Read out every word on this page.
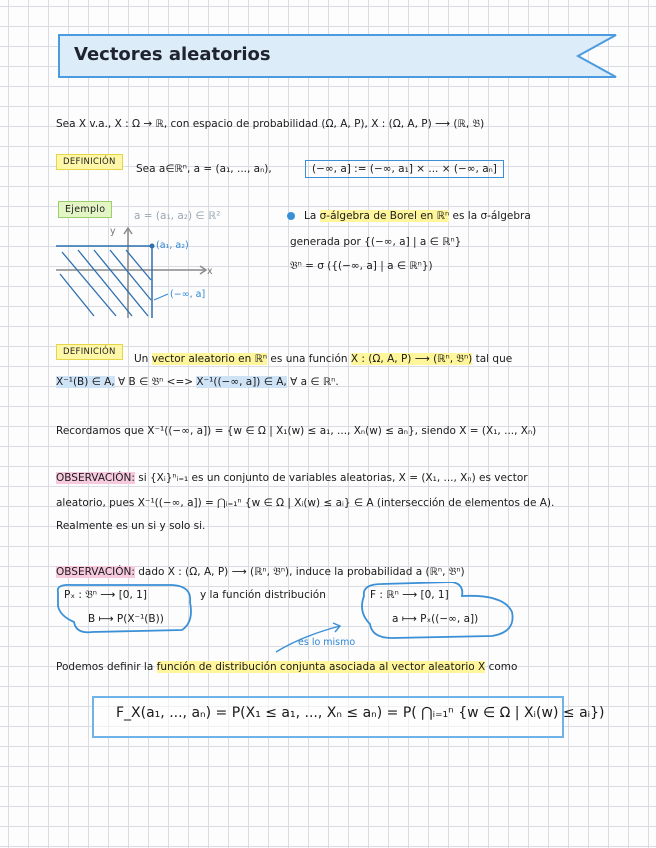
Vectores aleatorios
Sea X v.a., X : Ω → ℝ, con espacio de probabilidad (Ω, A, P), X : (Ω, A, P) ⟶ (ℝ, 𝔅)
DEFINICIÓN
Sea a∈ℝⁿ, a = (a₁, ..., aₙ),	(−∞, a] := (−∞, a₁] × ... × (−∞, aₙ]
Ejemplo
a = (a₁, a₂) ∈ ℝ²
y
x
(a₁, a₂)
(−∞, a]
La σ-álgebra de Borel en ℝⁿ es la σ-álgebra
generada por {(−∞, a] | a ∈ ℝⁿ}
𝔅ⁿ = σ ({(−∞, a] | a ∈ ℝⁿ})
DEFINICIÓN
Un vector aleatorio en ℝⁿ es una función X : (Ω, A, P) ⟶ (ℝⁿ, 𝔅ⁿ) tal que
X⁻¹(B) ∈ A, ∀ B ∈ 𝔅ⁿ <=> X⁻¹((−∞, a]) ∈ A, ∀ a ∈ ℝⁿ.
Recordamos que X⁻¹((−∞, a]) = {w ∈ Ω | X₁(w) ≤ a₁, ..., Xₙ(w) ≤ aₙ}, siendo X = (X₁, ..., Xₙ)
OBSERVACIÓN: si {Xᵢ}ⁿᵢ₌₁ es un conjunto de variables aleatorias, X = (X₁, ..., Xₙ) es vector
aleatorio, pues X⁻¹((−∞, a]) = ⋂ᵢ₌₁ⁿ {w ∈ Ω | Xᵢ(w) ≤ aᵢ} ∈ A (intersección de elementos de A).
Realmente es un si y solo si.
OBSERVACIÓN: dado X : (Ω, A, P) ⟶ (ℝⁿ, 𝔅ⁿ), induce la probabilidad a (ℝⁿ, 𝔅ⁿ)
Pₓ : 𝔅ⁿ ⟶ [0, 1]
B ⟼ P(X⁻¹(B))
y la función distribución	F : ℝⁿ ⟶ [0, 1]
a ⟼ Pₓ((−∞, a])
es lo mismo
Podemos definir la función de distribución conjunta asociada al vector aleatorio X como
F_X(a₁, ..., aₙ) = P(X₁ ≤ a₁, ..., Xₙ ≤ aₙ) = P( ⋂ᵢ₌₁ⁿ {w ∈ Ω | Xᵢ(w) ≤ aᵢ})
